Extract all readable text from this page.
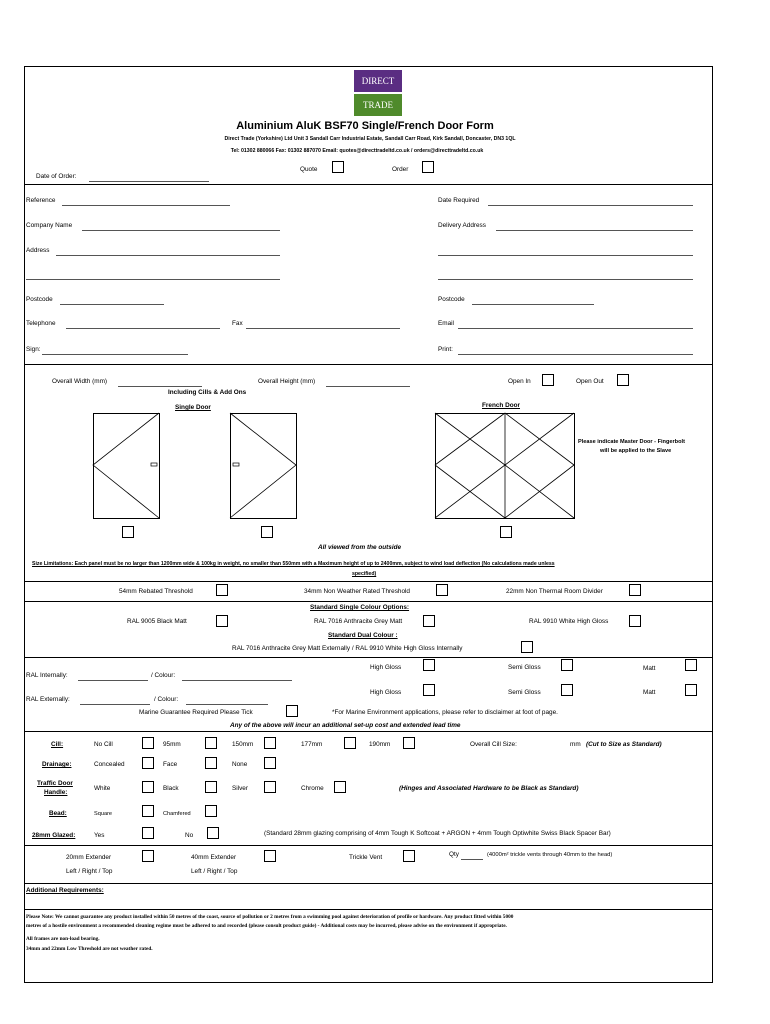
DIRECT
TRADE
Aluminium AluK BSF70 Single/French Door Form
Direct Trade (Yorkshire) Ltd Unit 3 Sandall Carr Industrial Estate, Sandall Carr Road, Kirk Sandall, Doncaster, DN3 1QL
Tel: 01302 880066 Fax: 01302 887070 Email: quotes@directtradeltd.co.uk / orders@directtradeltd.co.uk
Date of Order:
Quote	Order
Reference	Date Required
Company Name	Delivery Address
Address
Postcode	Postcode
Telephone	Fax	Email
Sign:	Print:
Overall Width (mm)	Overall Height (mm)
Including Cills & Add Ons
Open In	Open Out
Single Door	French Door
Please indicate Master Door - Fingerbolt
will be applied to the Slave
All viewed from the outside
Size Limitations: Each panel must be no larger than 1200mm wide & 100kg in weight, no smaller than 550mm with a Maximum height of up to 2400mm, subject to wind load deflection (No calculations made unless
specified)
54mm Rebated Threshold	34mm Non Weather Rated Threshold	22mm Non Thermal Room Divider
Standard Single Colour Options:
RAL 9005 Black Matt	RAL 7016 Anthracite Grey Matt	RAL 9910 White High Gloss
Standard Dual Colour :
RAL 7016 Anthracite Grey Matt Externally / RAL 9910 White High Gloss Internally
RAL Internally:	/ Colour:
High Gloss	Semi Gloss	Matt
RAL Externally:	/ Colour:
High Gloss	Semi Gloss	Matt
Marine Guarantee Required Please Tick	*For Marine Environment applications, please refer to disclaimer at foot of page.
Any of the above will incur an additional set-up cost and extended lead time
Cill:	No Cill	95mm	150mm	177mm	190mm	Overall Cill Size:	mm (Cut to Size as Standard)
Drainage:	Concealed	Face	None
Traffic Door
Handle:
White	Black	Silver	Chrome	(Hinges and Associated Hardware to be Black as Standard)
Bead:	Square	Chamfered
28mm Glazed:	Yes	No	(Standard 28mm glazing comprising of 4mm Tough K Softcoat + ARGON + 4mm Tough Optiwhite Swiss Black Spacer Bar)
20mm Extender
Left / Right / Top
40mm Extender
Left / Right / Top
Trickle Vent	Qty	(4000m² trickle vents through 40mm to the head)
Additional Requirements:
Please Note: We cannot guarantee any product installed within 50 metres of the coast, source of pollution or 2 metres from a swimming pool against deterioration of profile or hardware. Any product fitted within 5000
metres of a hostile environment a recommended cleaning regime must be adhered to and recorded (please consult product guide) - Additional costs may be incurred, please advise on the environment if appropriate.
All frames are non-load bearing.
34mm and 22mm Low Threshold are not weather rated.
